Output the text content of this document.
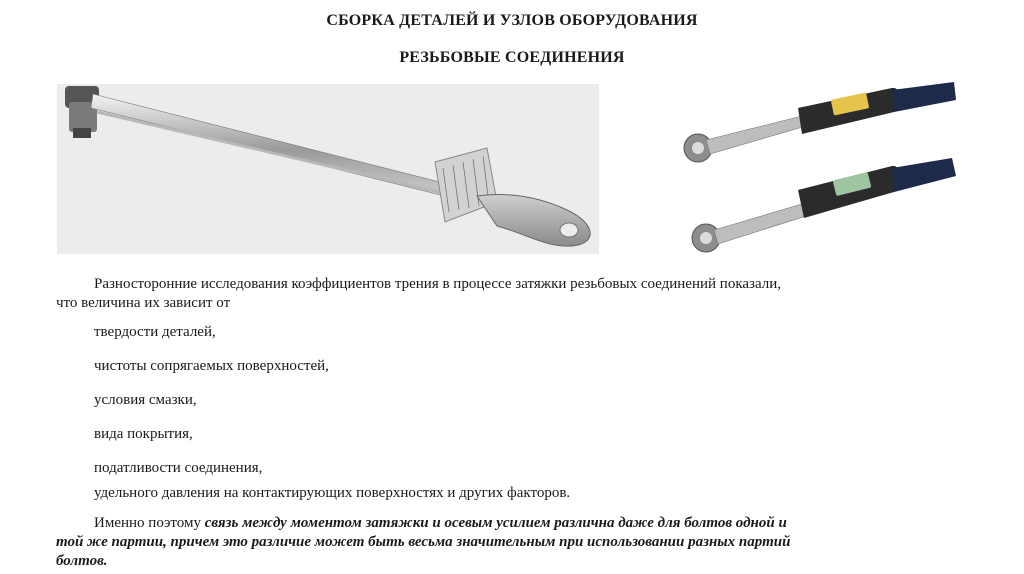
СБОРКА ДЕТАЛЕЙ И УЗЛОВ ОБОРУДОВАНИЯ
РЕЗЬБОВЫЕ СОЕДИНЕНИЯ
Разносторонние исследования коэффициентов трения в процессе затяжки резьбовых соединений показали,
что величина их зависит от
твердости деталей,
чистоты сопрягаемых поверхностей,
условия смазки,
вида покрытия,
податливости соединения,
удельного давления на контактирующих поверхностях и других факторов.
Именно поэтому связь между моментом затяжки и осевым усилием различна даже для болтов одной и
той же партии, причем это различие может быть весьма значительным при использовании разных партий
болтов.
